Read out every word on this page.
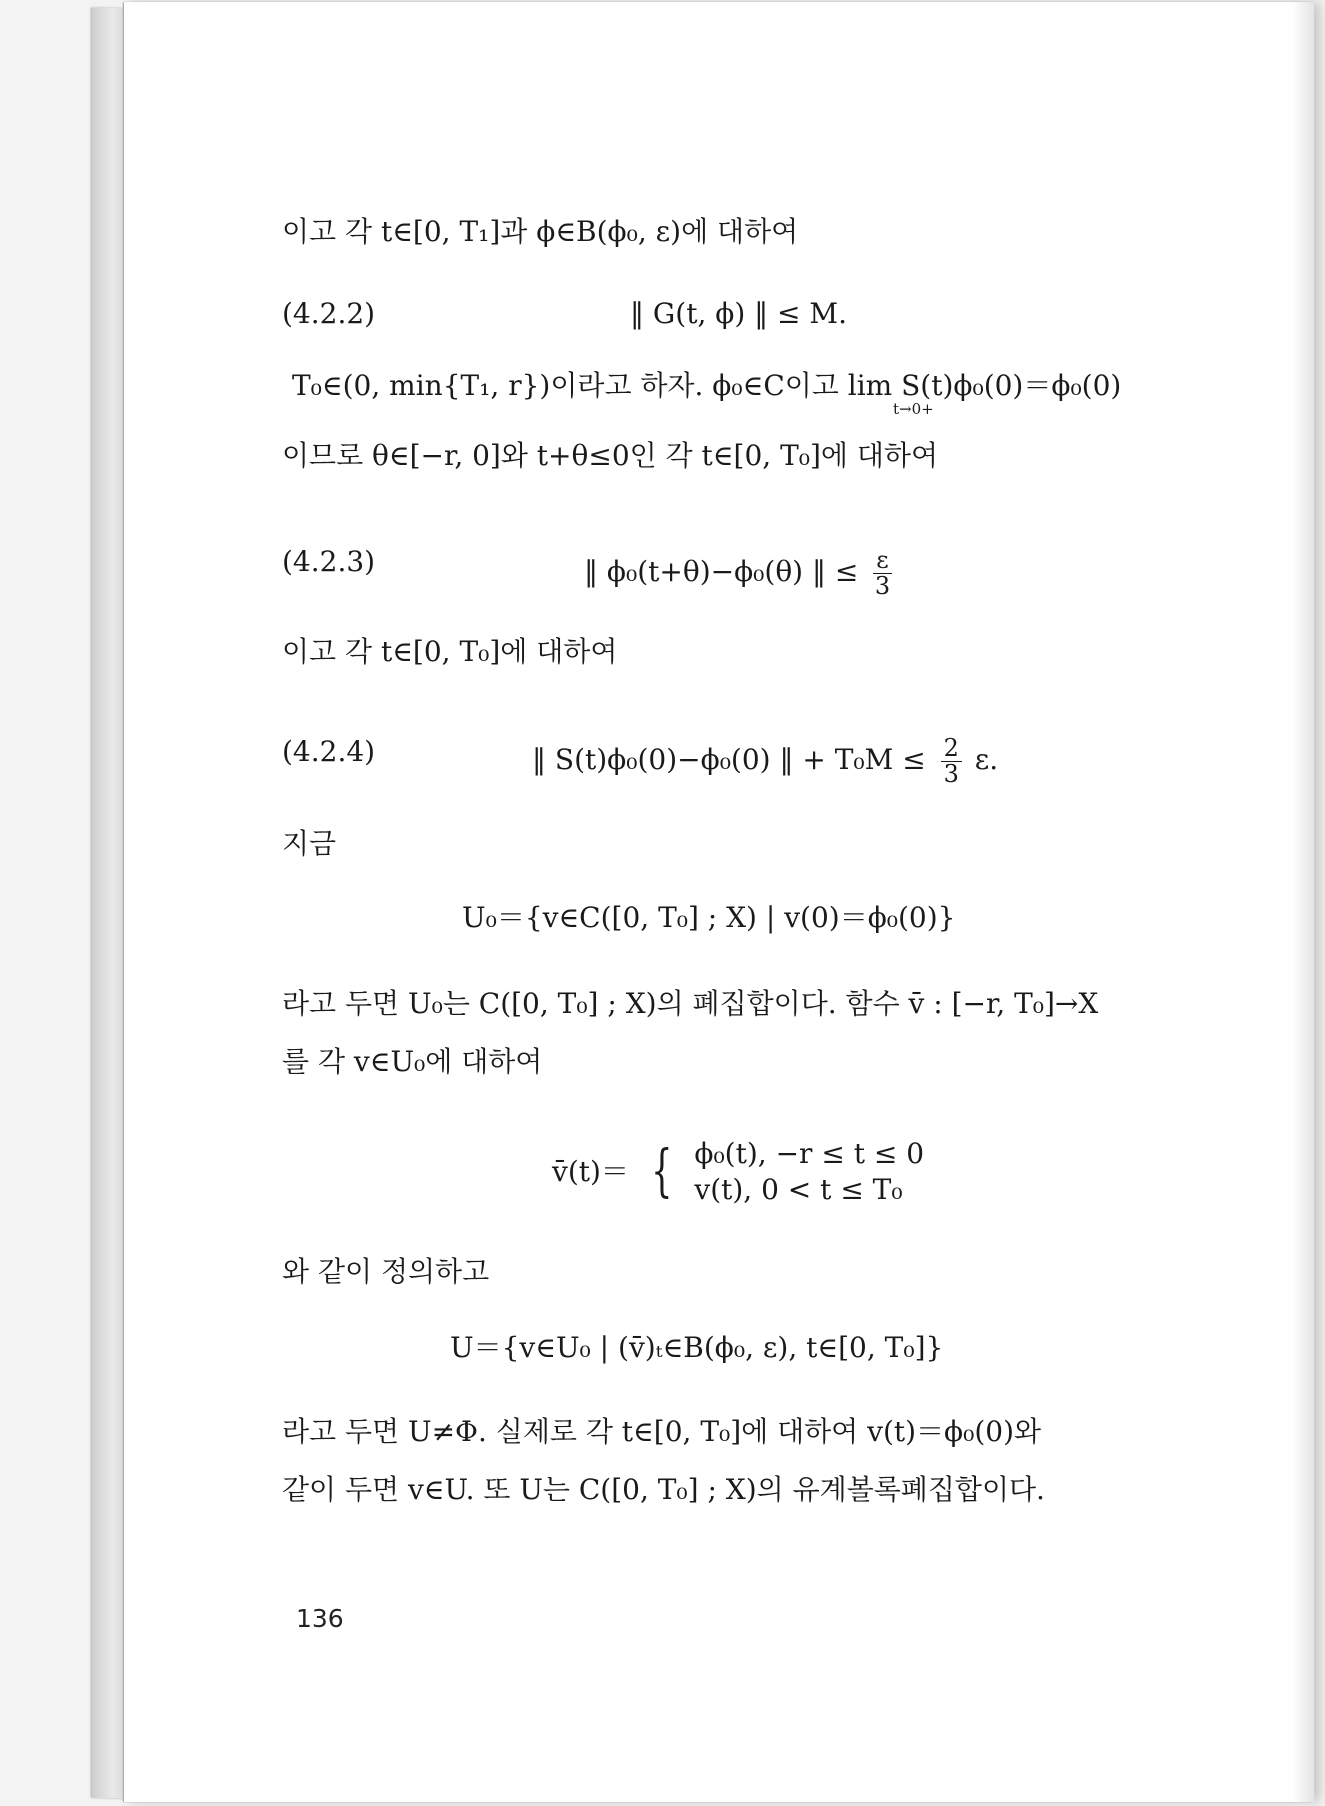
이고 각 t∈[0, T₁]과 ϕ∈B(ϕ₀, ε)에 대하여
(4.2.2)	‖ G(t, ϕ) ‖ ≤ M.
T₀∈(0, min{T₁, r})이라고 하자. ϕ₀∈C이고 lim S(t)ϕ₀(0)＝ϕ₀(0)
t→0+
이므로 θ∈[−r, 0]와 t+θ≤0인 각 t∈[0, T₀]에 대하여
(4.2.3)	‖ ϕ₀(t+θ)−ϕ₀(θ) ‖ ≤ $\frac{\varepsilon}{3}$
이고 각 t∈[0, T₀]에 대하여
(4.2.4)	‖ S(t)ϕ₀(0)−ϕ₀(0) ‖ + $T_0M \le \frac{2}{3} \varepsilon$.
지금
U₀＝{v∈C([0, T₀] ; X) | v(0)＝ϕ₀(0)}
라고 두면 U₀는 C([0, T₀] ; X)의 폐집합이다. 함수 v̄ : [−r, T₀]→X
를 각 v∈U₀에 대하여
v̄(t)＝ { ϕ₀(t), −r ≤ t ≤ 0
v(t), 0 < t ≤ T₀
와 같이 정의하고
U＝{v∈U₀ | (v̄)ₜ∈B(ϕ₀, ε), t∈[0, T₀]}
라고 두면 U≠Φ. 실제로 각 t∈[0, T₀]에 대하여 v(t)＝ϕ₀(0)와
같이 두면 v∈U. 또 U는 C([0, T₀] ; X)의 유계볼록폐집합이다.
136
